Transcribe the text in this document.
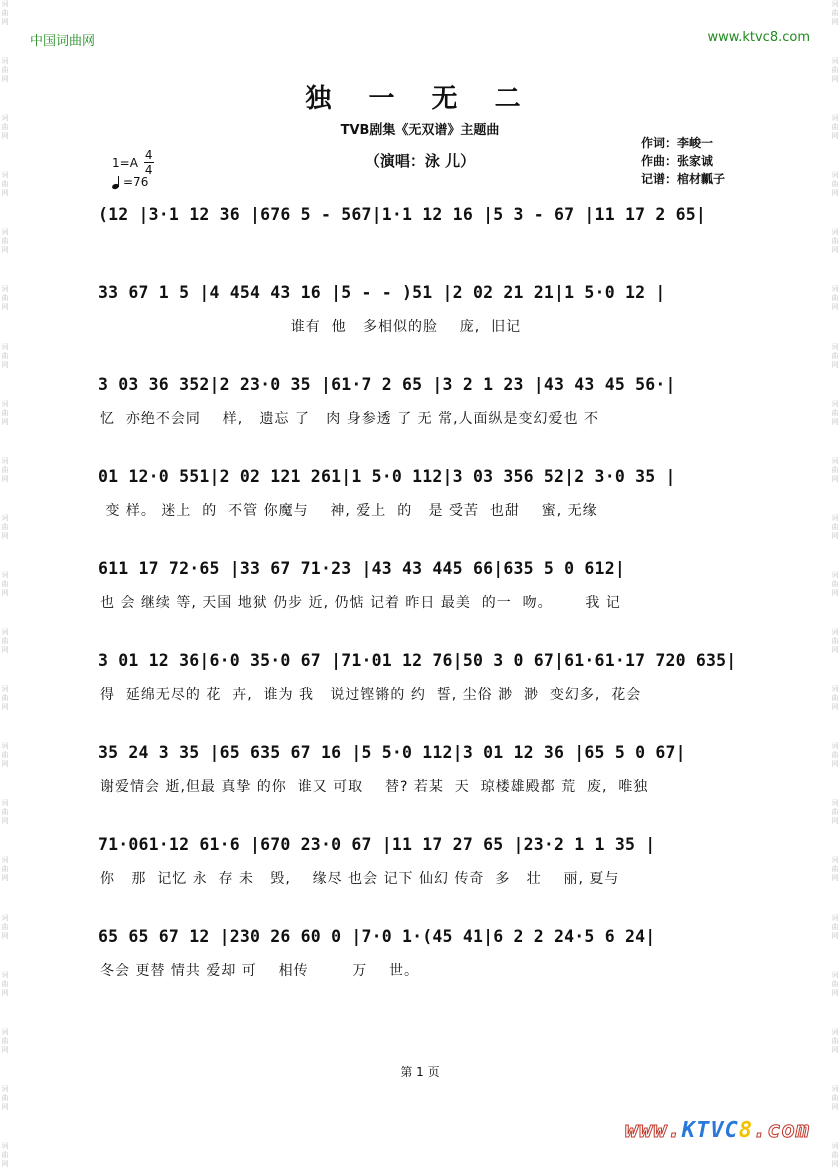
词
曲
网
词
曲
网
词
曲
网
词
曲
网
词
曲
网
词
曲
网
词
曲
网
词
曲
网
词
曲
网
词
曲
网
词
曲
网
词
曲
网
词
曲
网
词
曲
网
词
曲
网
词
曲
网
词
曲
网
词
曲
网
词
曲
网
词
曲
网
词
曲
网
词
曲
网
词
曲
网
词
曲
网
词
曲
网
词
曲
网
词
曲
网
词
曲
网
词
曲
网
词
曲
网
词
曲
网
词
曲
网
词
曲
网
词
曲
网
词
曲
网
词
曲
网
词
曲
网
词
曲
网
词
曲
网
词
曲
网
词
曲
网
词
曲
网
中国词曲网	www.ktvc8.com
独 一 无 二
TVB剧集《无双谱》主题曲
（演唱：泳 儿）
作词：李峻一
作曲：张家诚
记谱：棺材瓤子
$1=A \frac{4}{4}$
=76
(12 |3·1 12 36 |676 5 - 567|1·1 12 16 |5 3 - 67 |11 17 2 65|
33 67 1 5 |4 454 43 16 |5 - - )51 |2 02 21 21|1 5·0 12 |
谁有  他   多相似的脸    庞,  旧记
3 03 36 352|2 23·0 35 |61·7 2 65 |3 2 1 23 |43 43 45 56·|
忆  亦绝不会同    样,   遗忘 了   肉 身参透 了 无 常,人面纵是变幻爱也 不
01 12·0 551|2 02 121 261|1 5·0 112|3 03 356 52|2 3·0 35 |
变 样。 迷上  的  不管 你魔与    神, 爱上  的   是 受苦  也甜    蜜, 无缘
611 17 72·65 |33 67 71·23 |43 43 445 66|635 5 0 612|
也 会 继续 等, 天国 地狱 仍步 近, 仍惦 记着 昨日 最美  的一  吻。      我 记
3 01 12 36|6·0 35·0 67 |71·01 12 76|50 3 0 67|61·61·17 720 635|
得  延绵无尽的 花  卉,  谁为 我   说过铿锵的 约  誓, 尘俗 渺  渺  变幻多,  花会
35 24 3 35 |65 635 67 16 |5 5·0 112|3 01 12 36 |65 5 0 67|
谢爱情会 逝,但最 真挚 的你  谁又 可取    替? 若某  天  琼楼雄殿都 荒  废,  唯独
71·061·12 61·6 |670 23·0 67 |11 17 27 65 |23·2 1 1 35 |
你   那  记忆 永  存 未   毁,    缘尽 也会 记下 仙幻 传奇  多   壮    丽, 夏与
65 65 67 12 |230 26 60 0 |7·0 1·(45 41|6 2 2 24·5 6 24|
冬会 更替 情共 爱却 可    相传        万    世。
第 1 页
www.KTVC8.com
